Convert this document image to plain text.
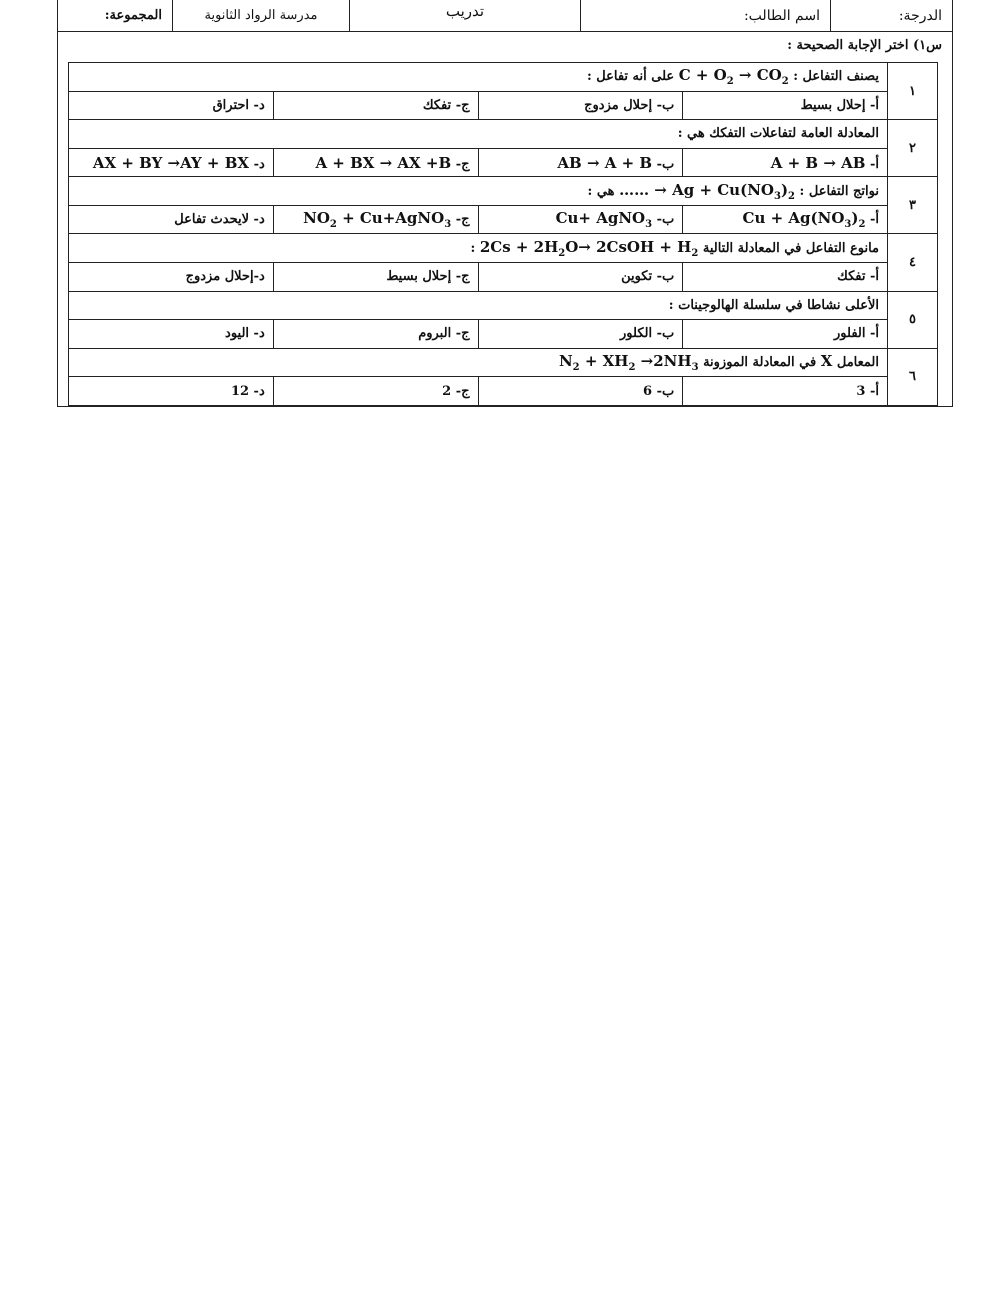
الدرجة:
اسم الطالب:
تدريب
مدرسة الرواد الثانوية
المجموعة:
س١) اختر الإجابة الصحيحة :
١	يصنف التفاعل : $C + O_2 \to CO_2$ على أنه تفاعل :			
	أ- إحلال بسيط	ب- إحلال مزدوج	ج- تفكك	د- احتراق
٢	المعادلة العامة لتفاعلات التفكك هي :			
	أ- A + B → AB	ب- AB → A + B	ج- A + BX → AX +B	د- AX + BY →AY + BX
٣	نواتج التفاعل : …… → $Ag + Cu(NO_3)_2$ هي :			
	أ- $Cu + Ag(NO_3)_2$	ب- Cu+ AgNO$_3$	ج- $NO_2$ + Cu+AgNO$_3$	د- لايحدث تفاعل
٤	مانوع التفاعل في المعادلة التالية $2Cs + 2H_2O\to$ 2CsOH + $H_2$ :			
	أ- تفكك	ب- تكوين	ج- إحلال بسيط	د-إحلال مزدوج
٥	الأعلى نشاطا في سلسلة الهالوجينات :			
	أ- الفلور	ب- الكلور	ج- البروم	د- اليود
٦	المعامل X في المعادلة الموزونة $N_2 + XH_2 \to 2NH_3$
	أ- 3	ب- 6	ج- 2	د- 12
